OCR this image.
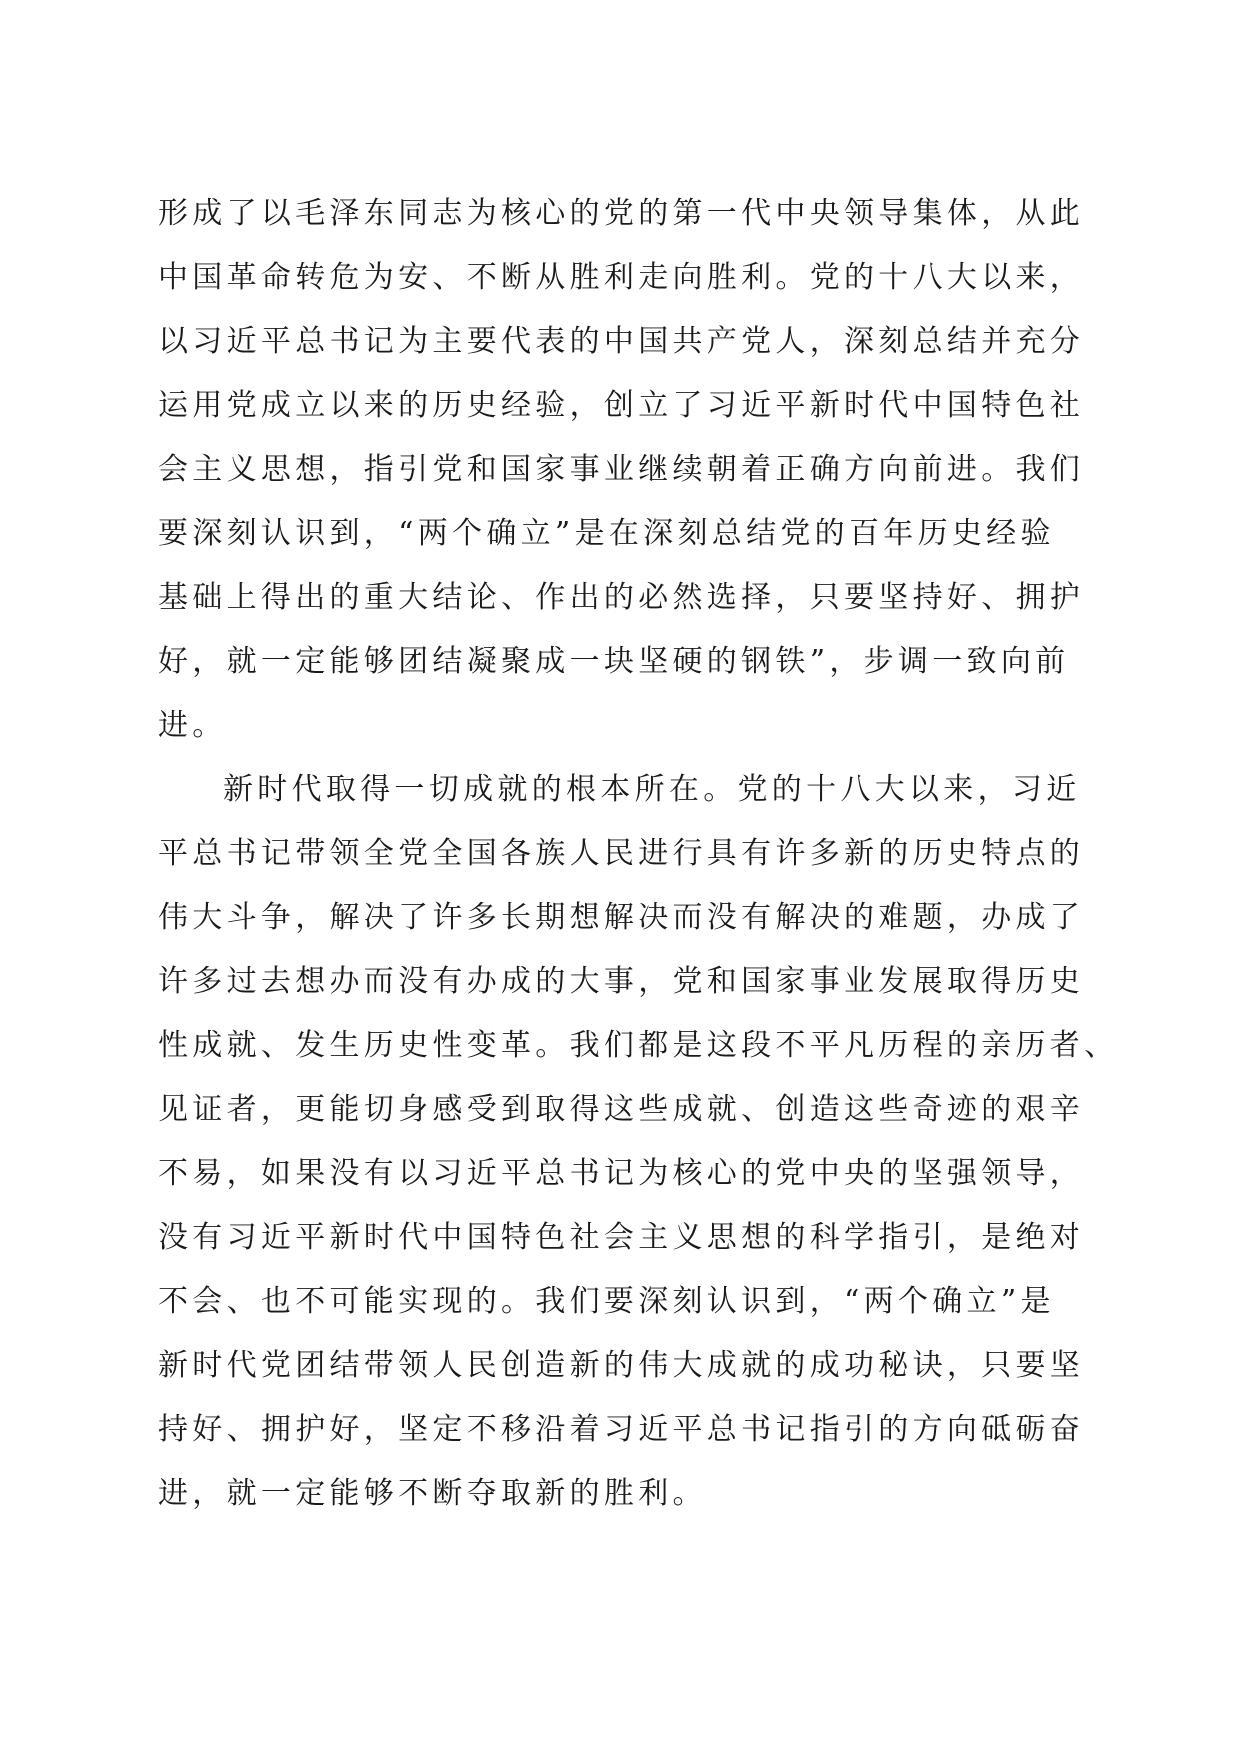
形成了以毛泽东同志为核心的党的第一代中央领导集体，从此
中国革命转危为安、不断从胜利走向胜利。党的十八大以来，
以习近平总书记为主要代表的中国共产党人，深刻总结并充分
运用党成立以来的历史经验，创立了习近平新时代中国特色社
会主义思想，指引党和国家事业继续朝着正确方向前进。我们
要深刻认识到，“两个确立”是在深刻总结党的百年历史经验
基础上得出的重大结论、作出的必然选择，只要坚持好、拥护
好，就一定能够团结凝聚成一块坚硬的钢铁”，步调一致向前
进。
新时代取得一切成就的根本所在。党的十八大以来，习近
平总书记带领全党全国各族人民进行具有许多新的历史特点的
伟大斗争，解决了许多长期想解决而没有解决的难题，办成了
许多过去想办而没有办成的大事，党和国家事业发展取得历史
性成就、发生历史性变革。我们都是这段不平凡历程的亲历者、
见证者，更能切身感受到取得这些成就、创造这些奇迹的艰辛
不易，如果没有以习近平总书记为核心的党中央的坚强领导，
没有习近平新时代中国特色社会主义思想的科学指引，是绝对
不会、也不可能实现的。我们要深刻认识到，“两个确立”是
新时代党团结带领人民创造新的伟大成就的成功秘诀，只要坚
持好、拥护好，坚定不移沿着习近平总书记指引的方向砥砺奋
进，就一定能够不断夺取新的胜利。
